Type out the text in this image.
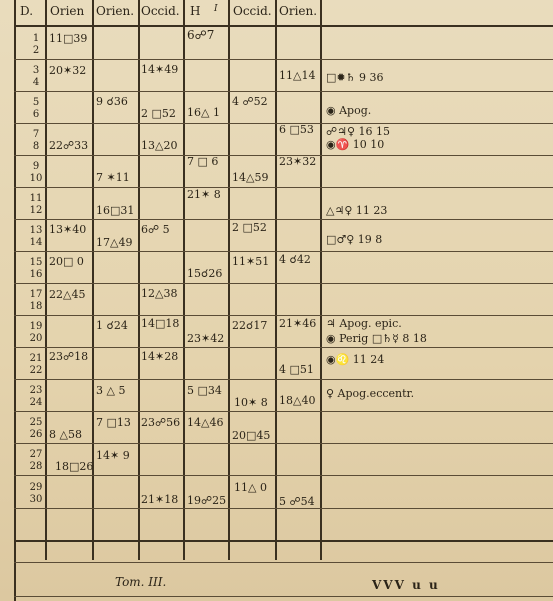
D. Orien Orien. Occid. H I Occid. Orien.
1
2
3
4
5
6
7
8
9
10
11
12
13
14
15
16
17
18
19
20
21
22
23
24
25
26
27
28
29
30
11□39
20✶32
22☍33
13✶40
20□ 0
22△45
23☍18
8 △58
18□26
9 ☌36
7 ✶11
16□31
17△49
1 ☌24
3 △ 5
7 □13
14✶ 9
14✶49
2 □52
13△20
6☍ 5
12△38
14□18
14✶28
23☍56
21✶18
6☍7
16△ 1
7 □ 6
21✶ 8
15☌26
23✶42
5 □34
14△46
19☍25
4 ☍52
14△59
2 □52
11✶51
22☌17
10✶ 8
20□45
11△ 0
11△14
6 □53
23✶32
4 ☌42
21✶46
4 □51
18△40
5 ☍54
□✹♄ 9 36
◉ Apog.
☍♃♀ 16 15
◉♈ 10 10
△♃♀ 11 23
□♂♀ 19 8
♃ Apog. epic.
◉ Perig □♄☿ 8 18
◉♌ 11 24
♀ Apog.eccentr.
Tom. III.	VVV u u
